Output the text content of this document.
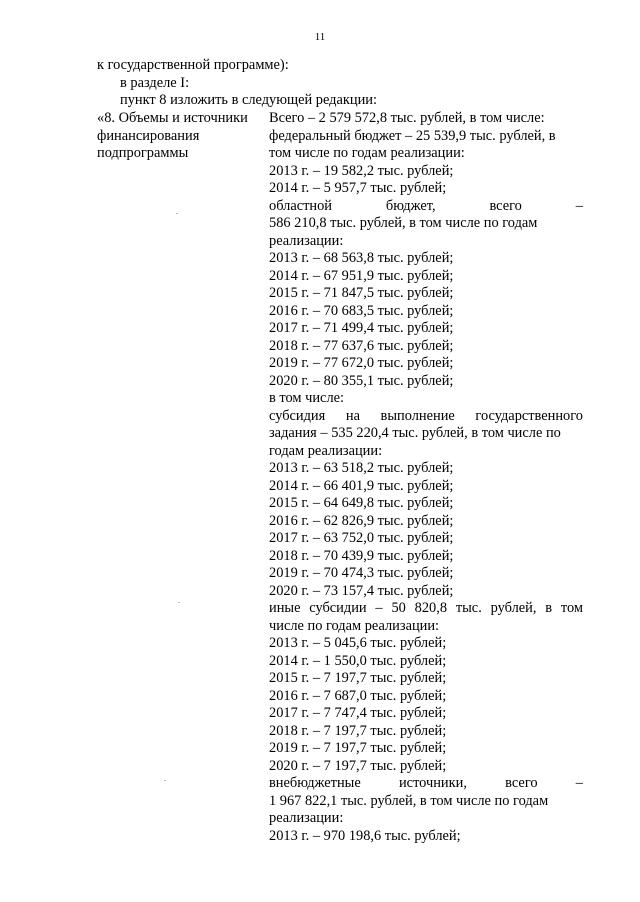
11
к государственной программе):
в разделе I:
пункт 8 изложить в следующей редакции:
«8. Объемы и источники
финансирования
подпрограммы
Всего – 2 579 572,8 тыс. рублей, в том числе:
федеральный бюджет – 25 539,9 тыс. рублей, в
том числе по годам реализации:
2013 г. – 19 582,2 тыс. рублей;
2014 г. – 5 957,7 тыс. рублей;
областной бюджет, всего –
586 210,8 тыс. рублей, в том числе по годам
реализации:
2013 г. – 68 563,8 тыс. рублей;
2014 г. – 67 951,9 тыс. рублей;
2015 г. – 71 847,5 тыс. рублей;
2016 г. – 70 683,5 тыс. рублей;
2017 г. – 71 499,4 тыс. рублей;
2018 г. – 77 637,6 тыс. рублей;
2019 г. – 77 672,0 тыс. рублей;
2020 г. – 80 355,1 тыс. рублей;
в том числе:
субсидия на выполнение государственного
задания – 535 220,4 тыс. рублей, в том числе по
годам реализации:
2013 г. – 63 518,2 тыс. рублей;
2014 г. – 66 401,9 тыс. рублей;
2015 г. – 64 649,8 тыс. рублей;
2016 г. – 62 826,9 тыс. рублей;
2017 г. – 63 752,0 тыс. рублей;
2018 г. – 70 439,9 тыс. рублей;
2019 г. – 70 474,3 тыс. рублей;
2020 г. – 73 157,4 тыс. рублей;
иные субсидии – 50 820,8 тыс. рублей, в том
числе по годам реализации:
2013 г. – 5 045,6 тыс. рублей;
2014 г. – 1 550,0 тыс. рублей;
2015 г. – 7 197,7 тыс. рублей;
2016 г. – 7 687,0 тыс. рублей;
2017 г. – 7 747,4 тыс. рублей;
2018 г. – 7 197,7 тыс. рублей;
2019 г. – 7 197,7 тыс. рублей;
2020 г. – 7 197,7 тыс. рублей;
внебюджетные источники, всего –
1 967 822,1 тыс. рублей, в том числе по годам
реализации:
2013 г. – 970 198,6 тыс. рублей;
